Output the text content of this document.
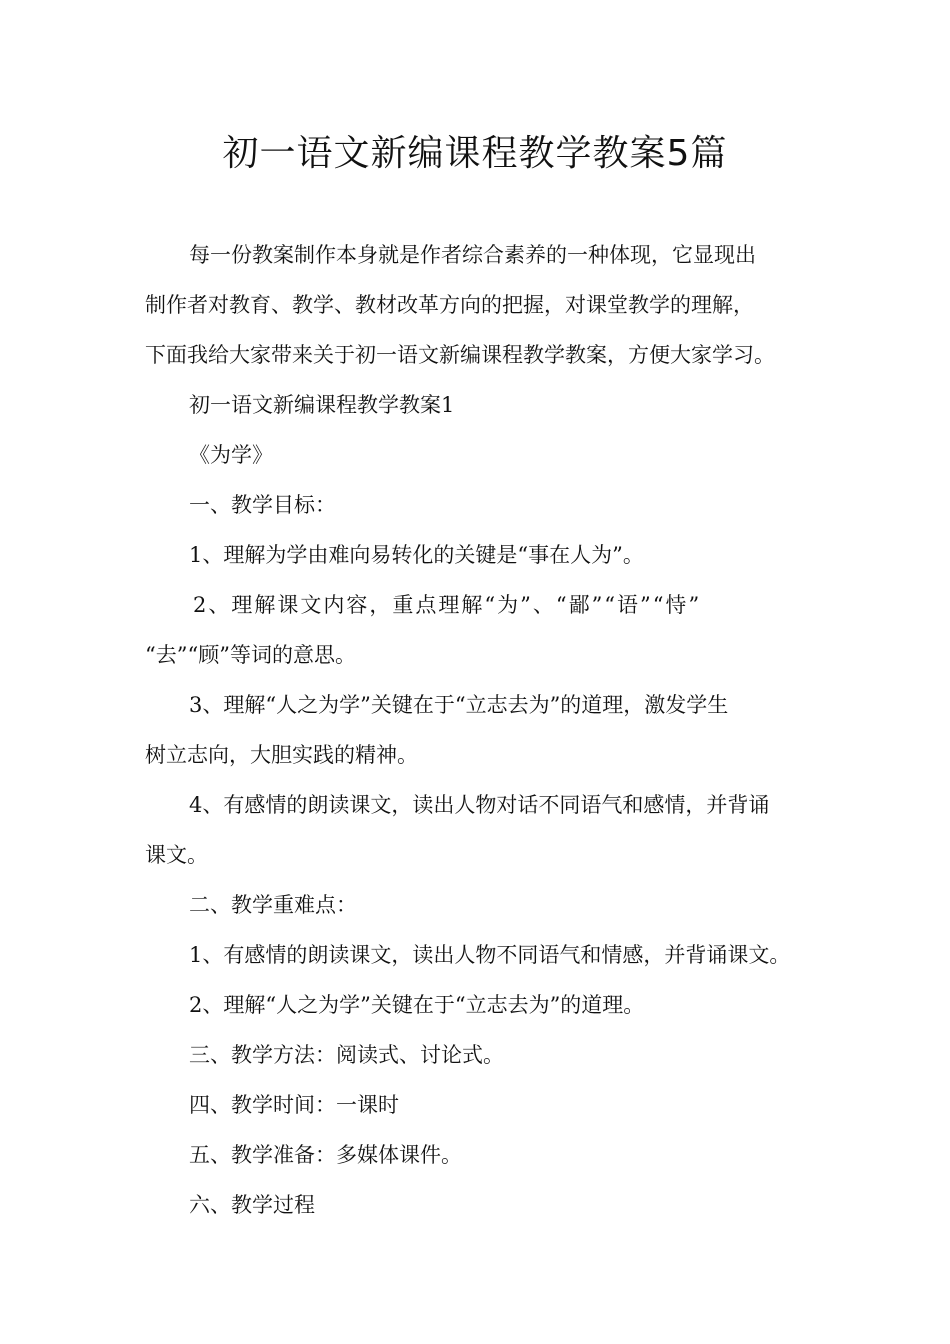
初一语文新编课程教学教案5篇

每一份教案制作本身就是作者综合素养的一种体现，它显现出

制作者对教育、教学、教材改革方向的把握，对课堂教学的理解，

下面我给大家带来关于初一语文新编课程教学教案，方便大家学习。

初一语文新编课程教学教案1

《为学》

一、教学目标：

1、理解为学由难向易转化的关键是“事在人为”。

2、理解课文内容，重点理解“为”、“鄙”“语”“恃”

“去”“顾”等词的意思。

3、理解“人之为学”关键在于“立志去为”的道理，激发学生

树立志向，大胆实践的精神。

4、有感情的朗读课文，读出人物对话不同语气和感情，并背诵

课文。

二、教学重难点：

1、有感情的朗读课文，读出人物不同语气和情感，并背诵课文。

2、理解“人之为学”关键在于“立志去为”的道理。

三、教学方法：阅读式、讨论式。

四、教学时间：一课时

五、教学准备：多媒体课件。

六、教学过程
